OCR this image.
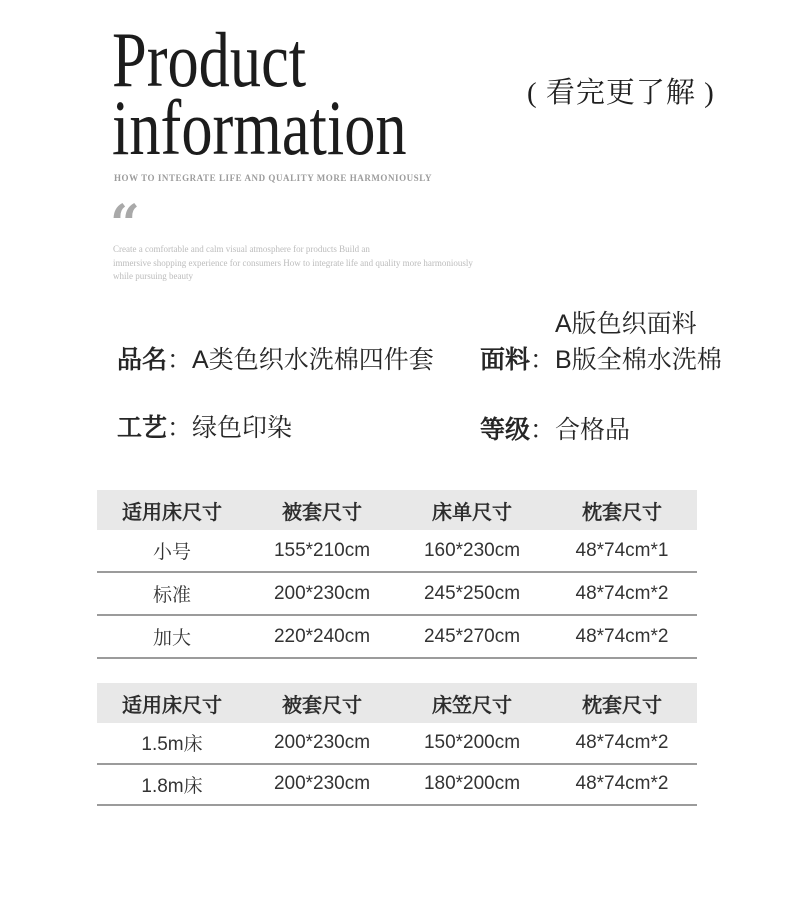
Product
information
HOW TO INTEGRATE LIFE AND QUALITY MORE HARMONIOUSLY
( 看完更了解 )
“
Create a comfortable and calm visual atmosphere for products Build an
immersive shopping experience for consumers How to integrate life and quality more harmoniously
while pursuing beauty
品名：A类色织水洗棉四件套
A版色织面料
面料：B版全棉水洗棉
工艺：绿色印染	等级：合格品
适用床尺寸	被套尺寸	床单尺寸	枕套尺寸
小号	155*210cm	160*230cm	48*74cm*1
标准	200*230cm	245*250cm	48*74cm*2
加大	220*240cm	245*270cm	48*74cm*2
适用床尺寸	被套尺寸	床笠尺寸	枕套尺寸
1.5m床	200*230cm	150*200cm	48*74cm*2
1.8m床	200*230cm	180*200cm	48*74cm*2
